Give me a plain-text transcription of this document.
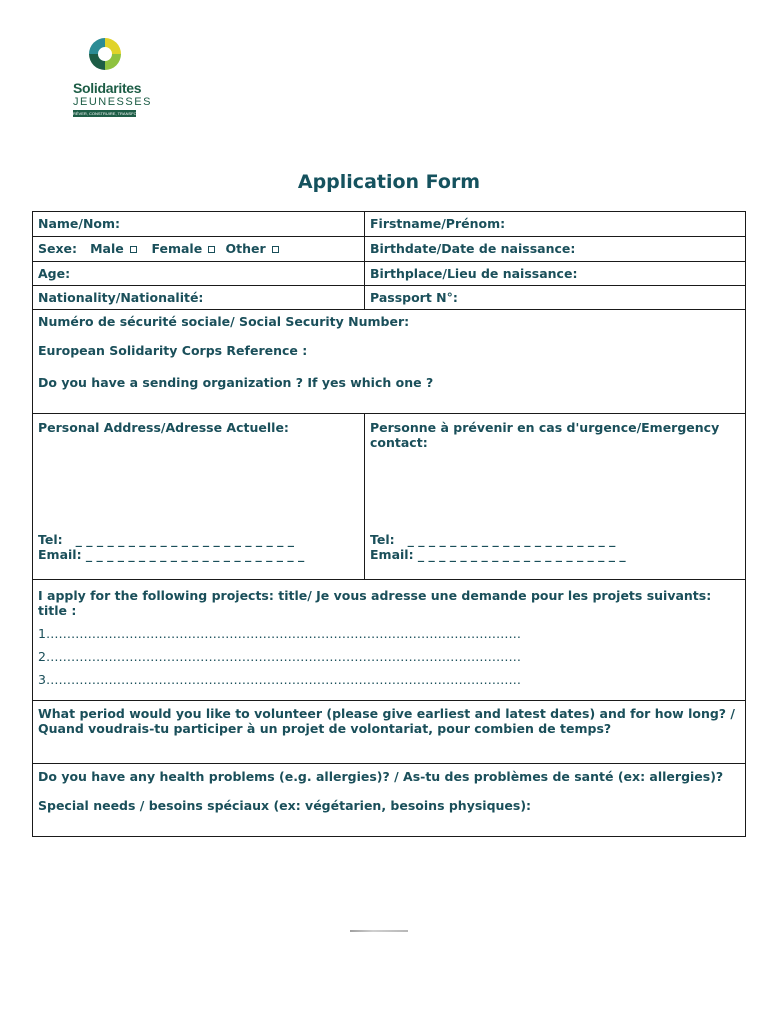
Solidarites
JEUNESSES
RÊVER, CONSTRUIRE, TRANSFORMER
Application Form
Name/Nom:	Firstname/Prénom:
Sexe: Male Female Other	Birthdate/Date de naissance:
Age:	Birthplace/Lieu de naissance:
Nationality/Nationalité:	Passport N°:
Numéro de sécurité sociale/ Social Security Number:
European Solidarity Corps Reference :
Do you have a sending organization ? If yes which one ?
Personal Address/Adresse Actuelle:
Tel:   _ _ _ _ _ _ _ _ _ _ _ _ _ _ _ _ _ _ _ _ _
Email: _ _ _ _ _ _ _ _ _ _ _ _ _ _ _ _ _ _ _ _ _
Personne à prévenir en cas d'urgence/Emergency contact:
Tel:   _ _ _ _ _ _ _ _ _ _ _ _ _ _ _ _ _ _ _ _
Email: _ _ _ _ _ _ _ _ _ _ _ _ _ _ _ _ _ _ _ _
I apply for the following projects: title/ Je vous adresse une demande pour les projets suivants: title :
1……………………………………………………………………………………………………
2……………………………………………………………………………………………………
3……………………………………………………………………………………………………
What period would you like to volunteer (please give earliest and latest dates) and for how long? / Quand voudrais-tu participer à un projet de volontariat, pour combien de temps?
Do you have any health problems (e.g. allergies)? / As-tu des problèmes de santé (ex: allergies)?
Special needs / besoins spéciaux (ex: végétarien, besoins physiques):
